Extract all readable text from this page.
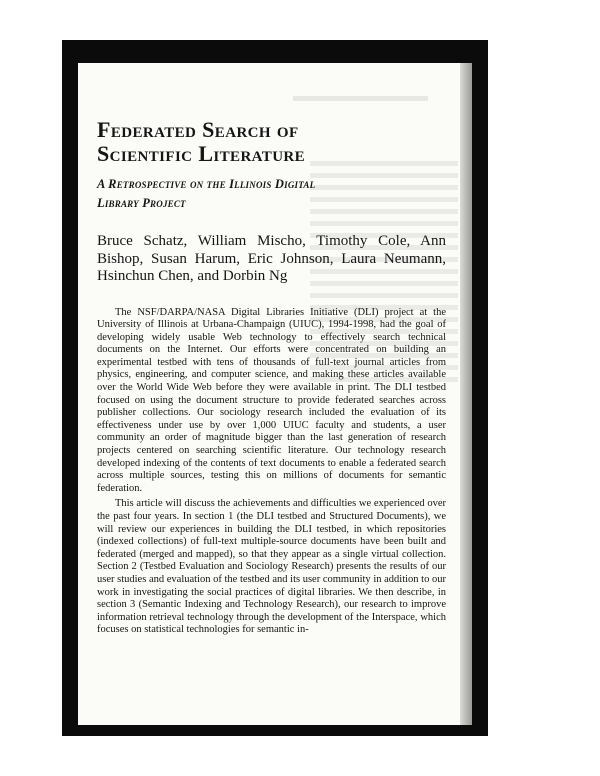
Federated Search of
Scientific Literature
A Retrospective on the Illinois Digital
Library Project
Bruce Schatz, William Mischo, Timothy Cole, Ann Bishop, Susan Harum, Eric Johnson, Laura Neumann, Hsinchun Chen, and Dorbin Ng

The NSF/DARPA/NASA Digital Libraries Initiative (DLI) project at the University of Illinois at Urbana-Champaign (UIUC), 1994-1998, had the goal of developing widely usable Web technology to effectively search technical documents on the Internet. Our efforts were concentrated on building an experimental testbed with tens of thousands of full-text journal articles from physics, engineering, and computer science, and making these articles available over the World Wide Web before they were available in print. The DLI testbed focused on using the document structure to provide federated searches across publisher collections. Our sociology research included the evaluation of its effectiveness under use by over 1,000 UIUC faculty and students, a user community an order of magnitude bigger than the last generation of research projects centered on searching scientific literature. Our technology research developed indexing of the contents of text documents to enable a federated search across multiple sources, testing this on millions of documents for semantic federation.

This article will discuss the achievements and difficulties we experienced over the past four years. In section 1 (the DLI testbed and Structured Documents), we will review our experiences in building the DLI testbed, in which repositories (indexed collections) of full-text multiple-source documents have been built and federated (merged and mapped), so that they appear as a single virtual collection. Section 2 (Testbed Evaluation and Sociology Research) presents the results of our user studies and evaluation of the testbed and its user community in addition to our work in investigating the social practices of digital libraries. We then describe, in section 3 (Semantic Indexing and Technology Research), our research to improve information retrieval technology through the development of the Interspace, which focuses on statistical technologies for semantic in-
